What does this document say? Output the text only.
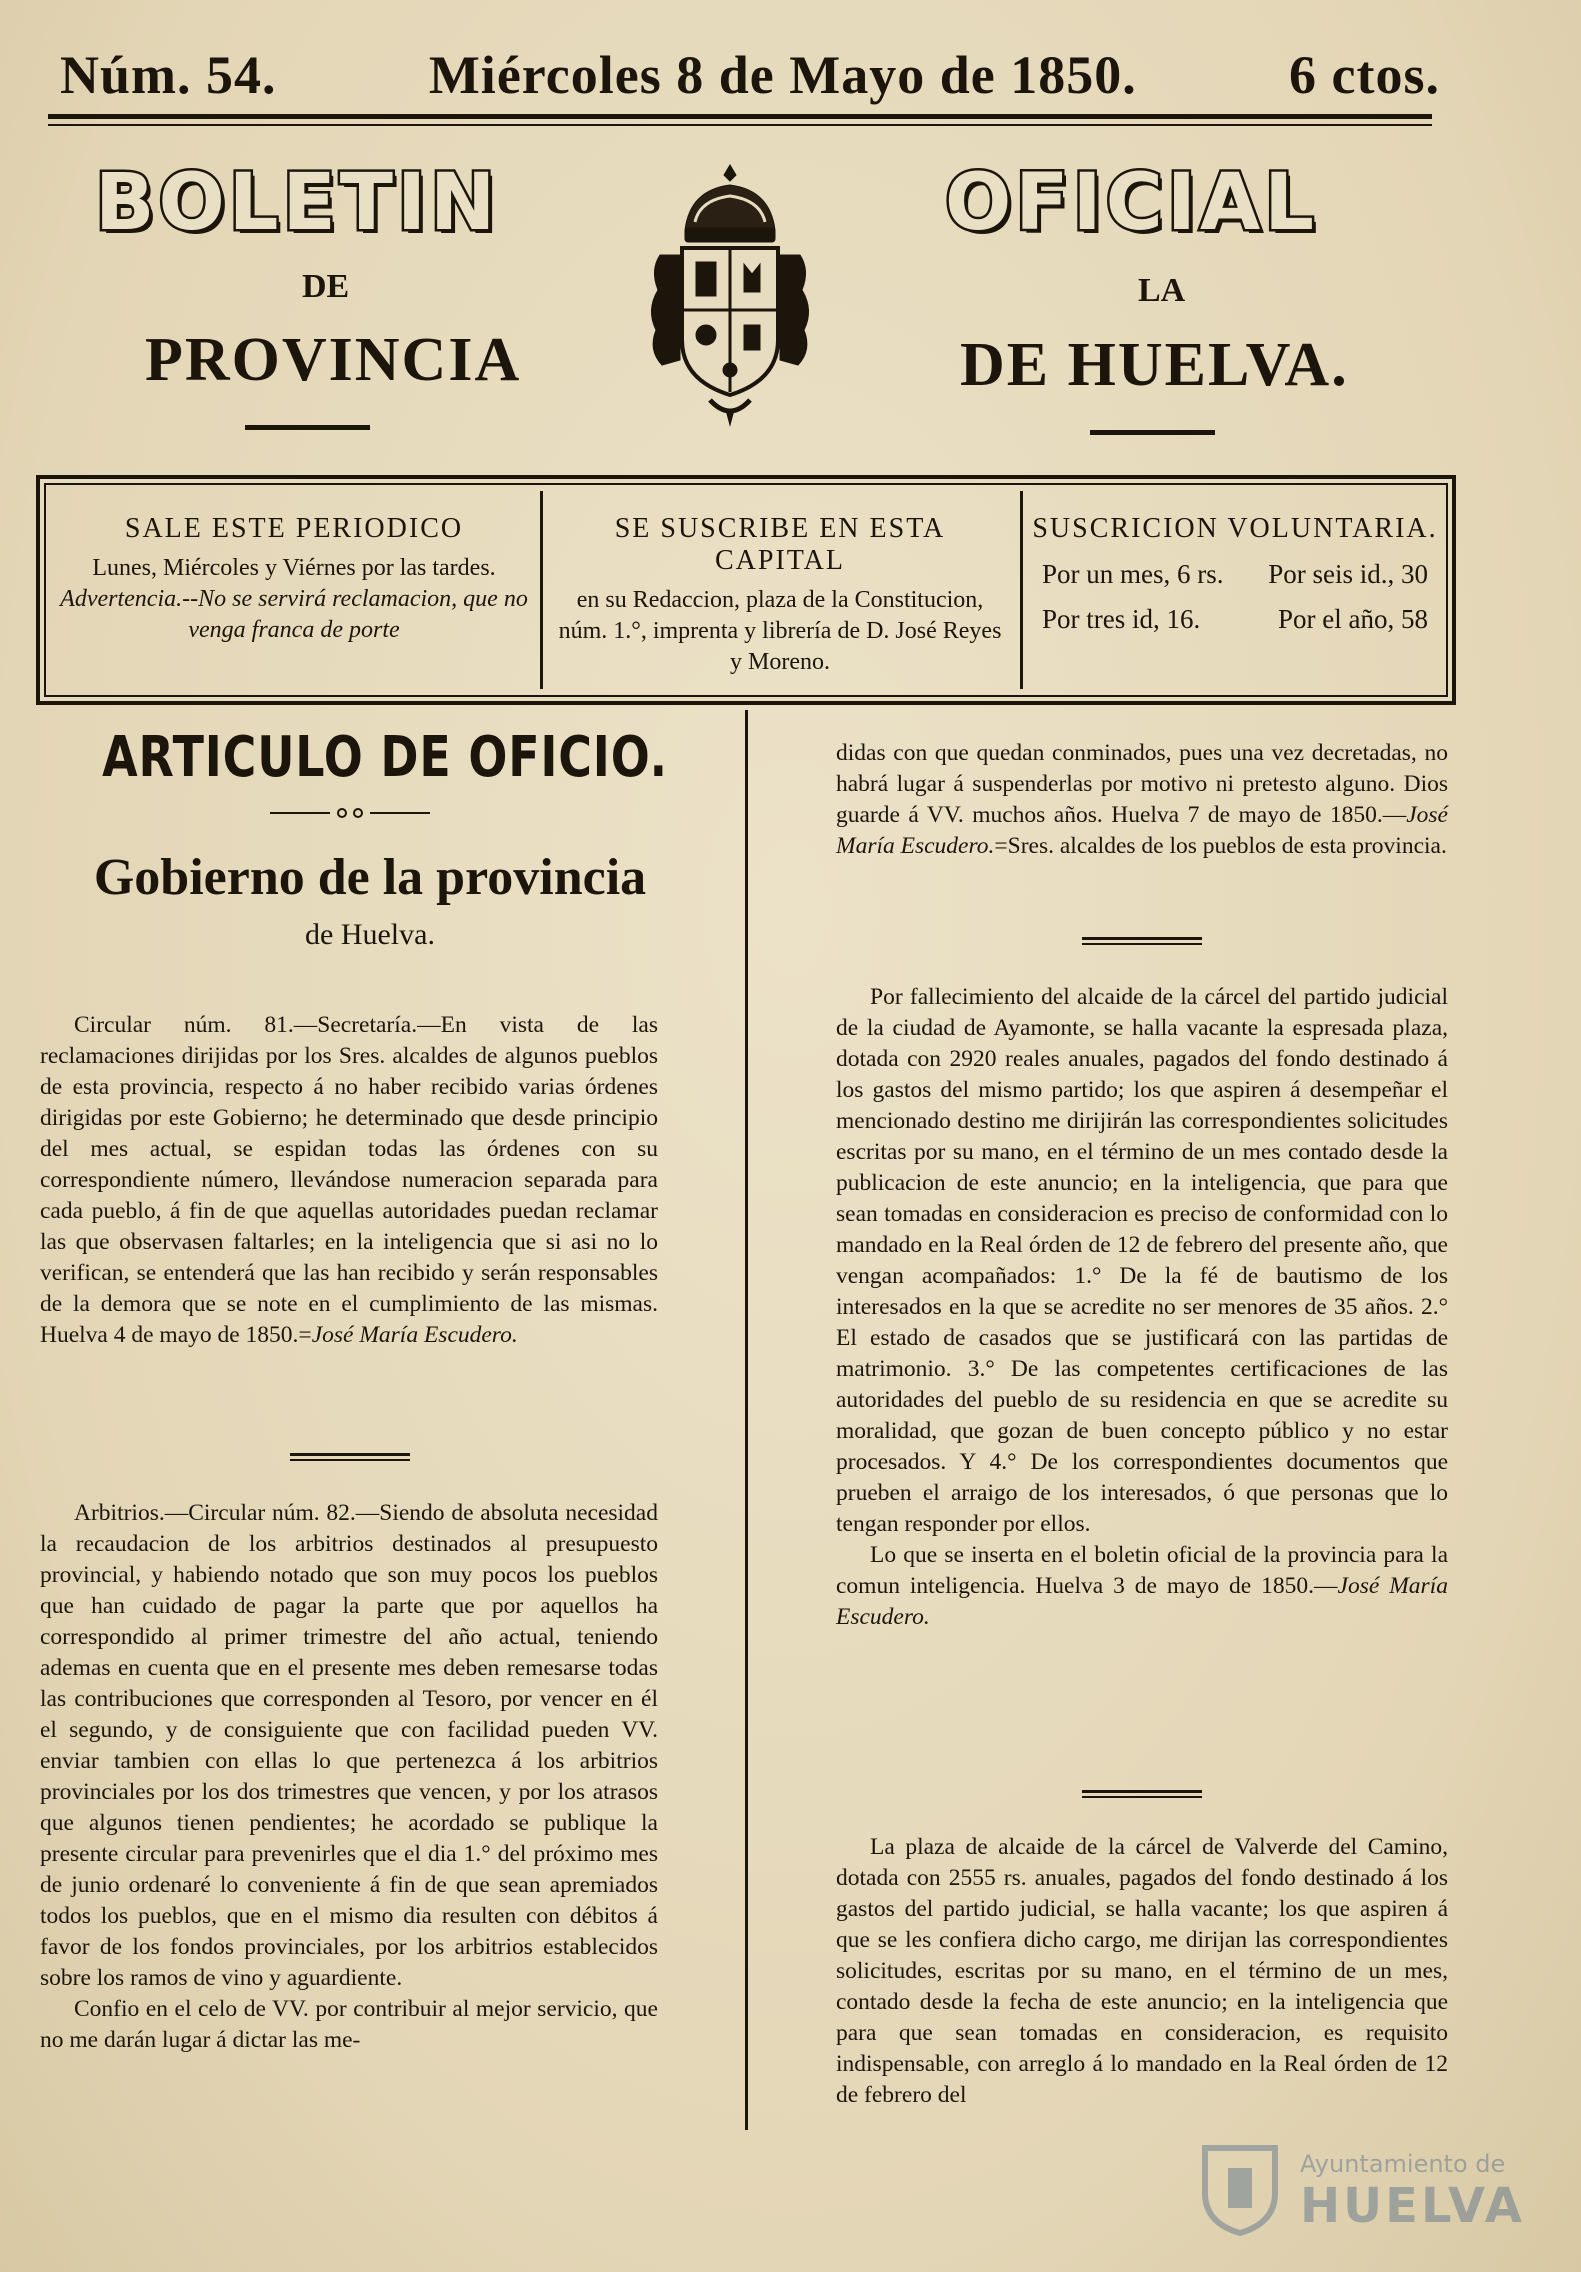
Núm. 54.	Miércoles 8 de Mayo de 1850.	6 ctos.
BOLETIN	OFICIAL
DE	LA
PROVINCIA	DE HUELVA.
SALE ESTE PERIODICO
Lunes, Miércoles y Viérnes por las tardes.
Advertencia.--No se servirá reclamacion, que no venga franca de porte
SE SUSCRIBE EN ESTA CAPITAL
en su Redaccion, plaza de la Constitucion, núm. 1.°, imprenta y librería de D. José Reyes y Moreno.
SUSCRICION VOLUNTARIA.
Por un mes, 6 rs. Por seis id., 30
Por tres id, 16.	Por el año, 58
ARTICULO DE OFICIO.
Gobierno de la provincia
de Huelva.

Circular núm. 81.—Secretaría.—En vista de las reclamaciones dirijidas por los Sres. alcaldes de algunos pueblos de esta provincia, respecto á no haber recibido varias órdenes dirigidas por este Gobierno; he determinado que desde principio del mes actual, se espidan todas las órdenes con su correspondiente número, llevándose numeracion separada para cada pueblo, á fin de que aquellas autoridades puedan reclamar las que observasen faltarles; en la inteligencia que si asi no lo verifican, se entenderá que las han recibido y serán responsables de la demora que se note en el cumplimiento de las mismas. Huelva 4 de mayo de 1850.=José María Escudero.

Arbitrios.—Circular núm. 82.—Siendo de absoluta necesidad la recaudacion de los arbitrios destinados al presupuesto provincial, y habiendo notado que son muy pocos los pueblos que han cuidado de pagar la parte que por aquellos ha correspondido al primer trimestre del año actual, teniendo ademas en cuenta que en el presente mes deben remesarse todas las contribuciones que corresponden al Tesoro, por vencer en él el segundo, y de consiguiente que con facilidad pueden VV. enviar tambien con ellas lo que pertenezca á los arbitrios provinciales por los dos trimestres que vencen, y por los atrasos que algunos tienen pendientes; he acordado se publique la presente circular para prevenirles que el dia 1.° del próximo mes de junio ordenaré lo conveniente á fin de que sean apremiados todos los pueblos, que en el mismo dia resulten con débitos á favor de los fondos provinciales, por los arbitrios establecidos sobre los ramos de vino y aguardiente.

Confio en el celo de VV. por contribuir al mejor servicio, que no me darán lugar á dictar las me-

didas con que quedan conminados, pues una vez decretadas, no habrá lugar á suspenderlas por motivo ni pretesto alguno. Dios guarde á VV. muchos años. Huelva 7 de mayo de 1850.—José María Escudero.=Sres. alcaldes de los pueblos de esta provincia.

Por fallecimiento del alcaide de la cárcel del partido judicial de la ciudad de Ayamonte, se halla vacante la espresada plaza, dotada con 2920 reales anuales, pagados del fondo destinado á los gastos del mismo partido; los que aspiren á desempeñar el mencionado destino me dirijirán las correspondientes solicitudes escritas por su mano, en el término de un mes contado desde la publicacion de este anuncio; en la inteligencia, que para que sean tomadas en consideracion es preciso de conformidad con lo mandado en la Real órden de 12 de febrero del presente año, que vengan acompañados: 1.° De la fé de bautismo de los interesados en la que se acredite no ser menores de 35 años. 2.° El estado de casados que se justificará con las partidas de matrimonio. 3.° De las competentes certificaciones de las autoridades del pueblo de su residencia en que se acredite su moralidad, que gozan de buen concepto público y no estar procesados. Y 4.° De los correspondientes documentos que prueben el arraigo de los interesados, ó que personas que lo tengan responder por ellos.

Lo que se inserta en el boletin oficial de la provincia para la comun inteligencia. Huelva 3 de mayo de 1850.—José María Escudero.

La plaza de alcaide de la cárcel de Valverde del Camino, dotada con 2555 rs. anuales, pagados del fondo destinado á los gastos del partido judicial, se halla vacante; los que aspiren á que se les confiera dicho cargo, me dirijan las correspondientes solicitudes, escritas por su mano, en el término de un mes, contado desde la fecha de este anuncio; en la inteligencia que para que sean tomadas en consideracion, es requisito indispensable, con arreglo á lo mandado en la Real órden de 12 de febrero del

Ayuntamiento de
HUELVA
